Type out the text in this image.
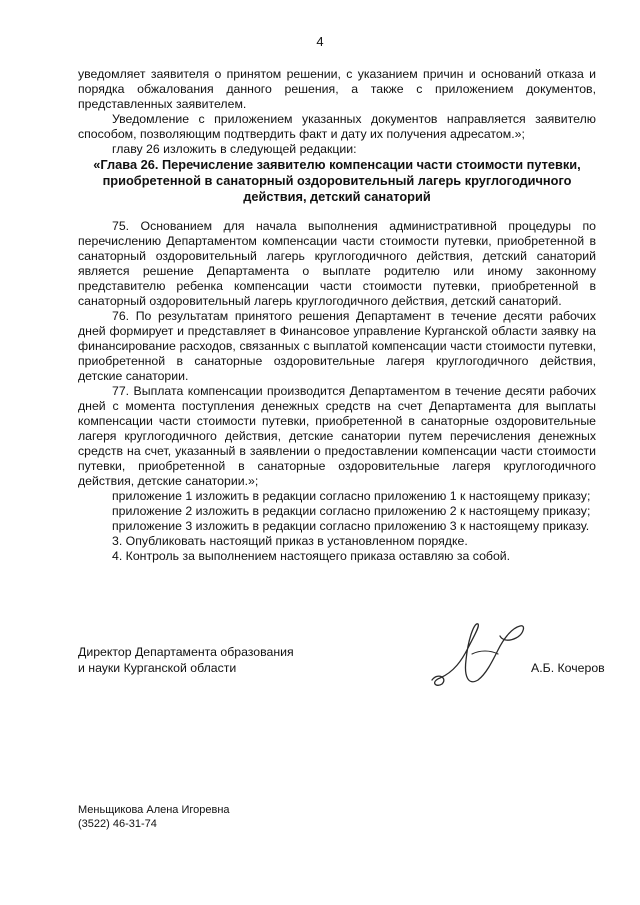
4

уведомляет заявителя о принятом решении, с указанием причин и оснований отказа и порядка обжалования данного решения, а также с приложением документов, представленных заявителем.

Уведомление с приложением указанных документов направляется заявителю способом, позволяющим подтвердить факт и дату их получения адресатом.»;

главу 26 изложить в следующей редакции:

«Глава 26. Перечисление заявителю компенсации части стоимости путевки, приобретенной в санаторный оздоровительный лагерь круглогодичного действия, детский санаторий

75. Основанием для начала выполнения административной процедуры по перечислению Департаментом компенсации части стоимости путевки, приобретенной в санаторный оздоровительный лагерь круглогодичного действия, детский санаторий является решение Департамента о выплате родителю или иному законному представителю ребенка компенсации части стоимости путевки, приобретенной в санаторный оздоровительный лагерь круглогодичного действия, детский санаторий.

76. По результатам принятого решения Департамент в течение десяти рабочих дней формирует и представляет в Финансовое управление Курганской области заявку на финансирование расходов, связанных с выплатой компенсации части стоимости путевки, приобретенной в санаторные оздоровительные лагеря круглогодичного действия, детские санатории.

77. Выплата компенсации производится Департаментом в течение десяти рабочих дней с момента поступления денежных средств на счет Департамента для выплаты компенсации части стоимости путевки, приобретенной в санаторные оздоровительные лагеря круглогодичного действия, детские санатории путем перечисления денежных средств на счет, указанный в заявлении о предоставлении компенсации части стоимости путевки, приобретенной в санаторные оздоровительные лагеря круглогодичного действия, детские санатории.»;

приложение 1 изложить в редакции согласно приложению 1 к настоящему приказу;

приложение 2 изложить в редакции согласно приложению 2 к настоящему приказу;

приложение 3 изложить в редакции согласно приложению 3 к настоящему приказу.

3. Опубликовать настоящий приказ в установленном порядке.

4. Контроль за выполнением настоящего приказа оставляю за собой.

Директор Департамента образования
и науки Курганской области	А.Б. Кочеров
Меньщикова Алена Игоревна
(3522) 46-31-74
